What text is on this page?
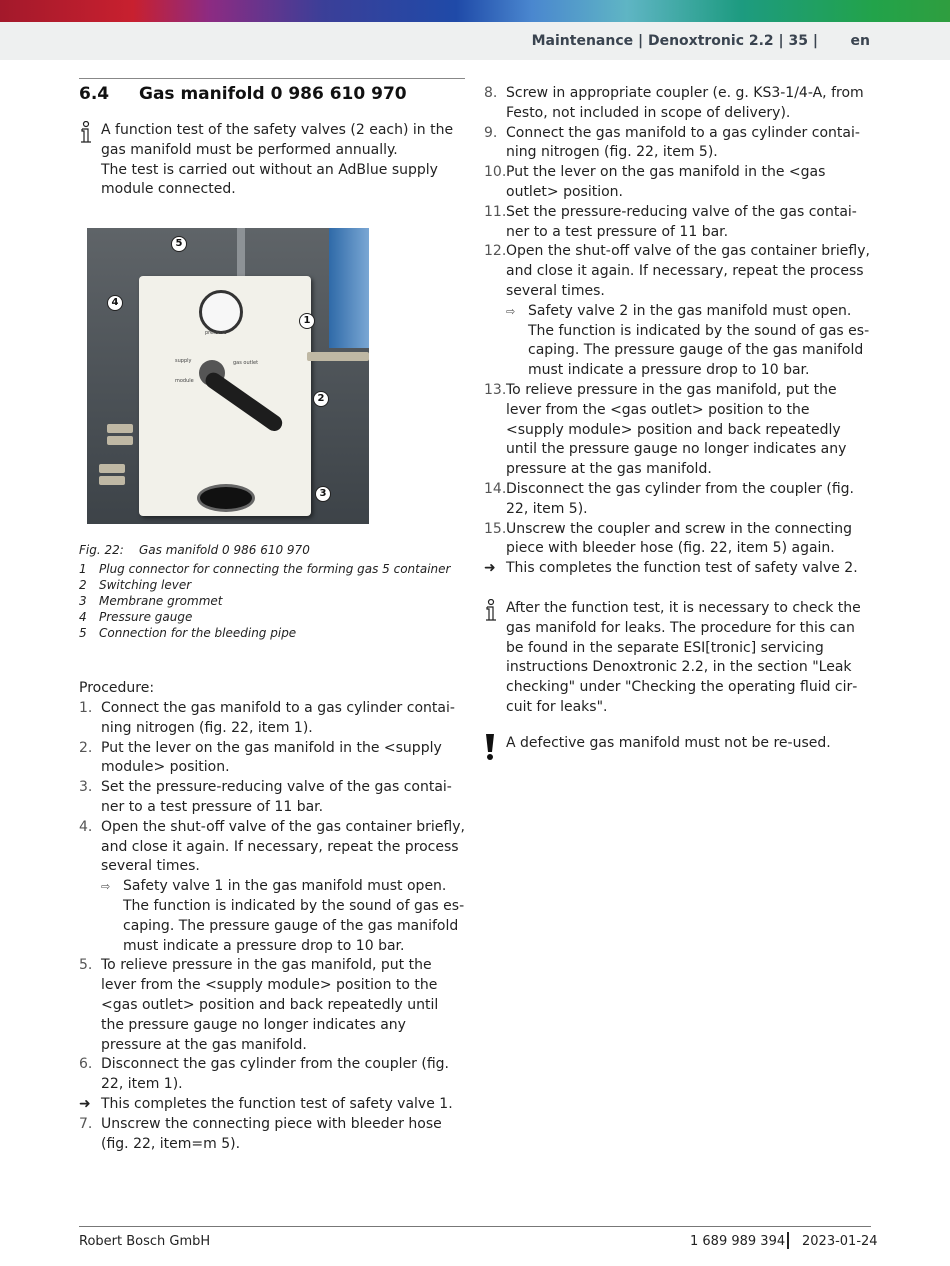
Maintenance | Denoxtronic 2.2 | 35 | en
6.4	Gas manifold 0 986 610 970

A function test of the safety valves (2 each) in the gas manifold must be performed annually.

The test is carried out without an AdBlue supply module connected.

pressure
supply module
gas outlet
5
4
1
2
3
Fig. 22:	Gas manifold 0 986 610 970
1	Plug connector for connecting the forming gas 5 container
2	Switching lever
3	Membrane grommet
4	Pressure gauge
5	Connection for the bleeding pipe
Procedure:
1. Connect the gas manifold to a gas cylinder containing nitrogen (fig. 22, item 1).
2. Put the lever on the gas manifold in the <supply module> position.
3. Set the pressure-reducing valve of the gas container to a test pressure of 11 bar.
4. Open the shut-off valve of the gas container briefly, and close it again. If necessary, repeat the process several times.
⇨ Safety valve 1 in the gas manifold must open. The function is indicated by the sound of gas escaping. The pressure gauge of the gas manifold must indicate a pressure drop to 10 bar.
5. To relieve pressure in the gas manifold, put the lever from the <supply module> position to the <gas outlet> position and back repeatedly until the pressure gauge no longer indicates any pressure at the gas manifold.
6. Disconnect the gas cylinder from the coupler (fig. 22, item 1).
➜ This completes the function test of safety valve 1.
7. Unscrew the connecting piece with bleeder hose (fig. 22, item=m 5).
8. Screw in appropriate coupler (e. g. KS3-1/4-A, from Festo, not included in scope of delivery).
9. Connect the gas manifold to a gas cylinder containing nitrogen (fig. 22, item 5).
10. Put the lever on the gas manifold in the <gas outlet> position.
11. Set the pressure-reducing valve of the gas container to a test pressure of 11 bar.
12. Open the shut-off valve of the gas container briefly, and close it again. If necessary, repeat the process several times.
⇨ Safety valve 2 in the gas manifold must open. The function is indicated by the sound of gas escaping. The pressure gauge of the gas manifold must indicate a pressure drop to 10 bar.
13. To relieve pressure in the gas manifold, put the lever from the <gas outlet> position to the <supply module> position and back repeatedly until the pressure gauge no longer indicates any pressure at the gas manifold.
14. Disconnect the gas cylinder from the coupler (fig. 22, item 5).
15. Unscrew the coupler and screw in the connecting piece with bleeder hose (fig. 22, item 5) again.
➜ This completes the function test of safety valve 2.

After the function test, it is necessary to check the gas manifold for leaks. The procedure for this can be found in the separate ESI[tronic] servicing instructions Denoxtronic 2.2, in the section "Leak checking" under "Checking the operating fluid circuit for leaks".

A defective gas manifold must not be re-used.
Robert Bosch GmbH	1 689 989 394 2023-01-24
